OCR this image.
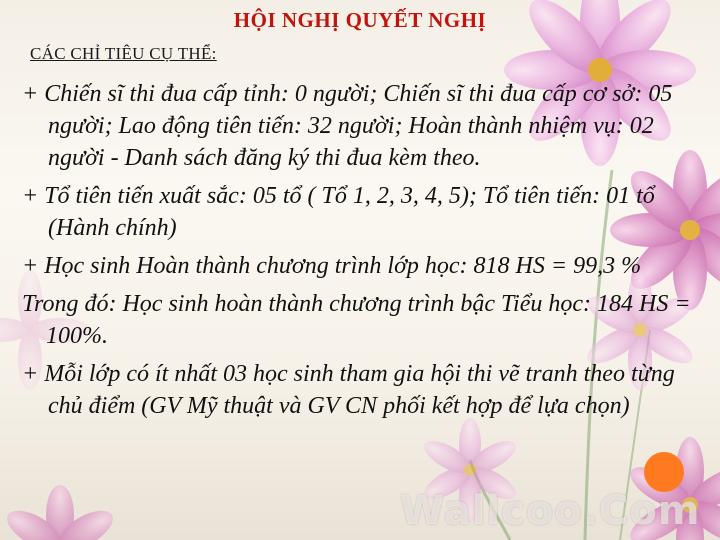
HỘI NGHỊ QUYẾT NGHỊ
CÁC CHỈ TIÊU CỤ THỂ:

+ Chiến sĩ thi đua cấp tỉnh: 0 người; Chiến sĩ thi đua cấp cơ sở: 05 người; Lao động tiên tiến: 32 người; Hoàn thành nhiệm vụ: 02 người - Danh sách đăng ký thi đua kèm theo.

+ Tổ tiên tiến xuất sắc: 05 tổ ( Tổ 1, 2, 3, 4, 5); Tổ tiên tiến: 01 tổ (Hành chính)

+ Học sinh Hoàn thành chương trình lớp học: 818 HS = 99,3 %

Trong đó: Học sinh hoàn thành chương trình bậc Tiểu học: 184 HS = 100%.

+ Mỗi lớp có ít nhất 03 học sinh tham gia hội thi vẽ tranh theo từng chủ điểm (GV Mỹ thuật và GV CN phối kết hợp để lựa chọn)

Wallcoo.Com
